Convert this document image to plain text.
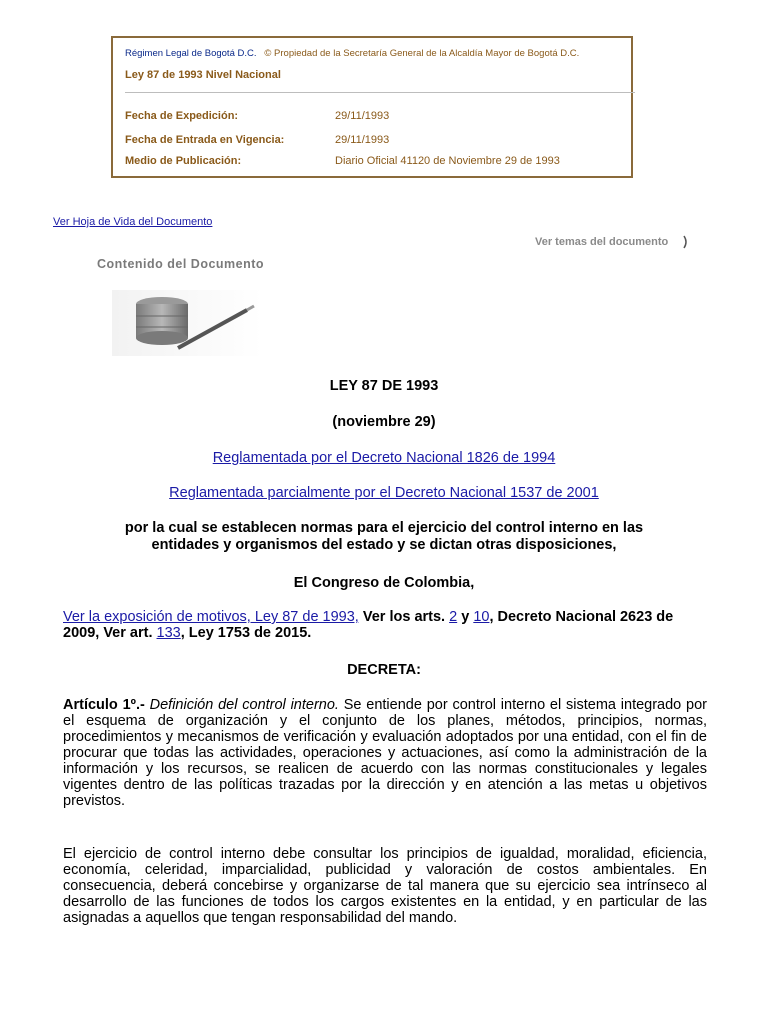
Régimen Legal de Bogotá D.C. © Propiedad de la Secretaría General de la Alcaldía Mayor de Bogotá D.C.
Ley 87 de 1993 Nivel Nacional
Fecha de Expedición:	29/11/1993
Fecha de Entrada en Vigencia:	29/11/1993
Medio de Publicación:	Diario Oficial 41120 de Noviembre 29 de 1993
Ver Hoja de Vida del Documento
Ver temas del documento
Contenido del Documento
LEY 87 DE 1993
(noviembre 29)
Reglamentada por el Decreto Nacional 1826 de 1994
Reglamentada parcialmente por el Decreto Nacional 1537 de 2001
por la cual se establecen normas para el ejercicio del control interno en las entidades y organismos del estado y se dictan otras disposiciones,
El Congreso de Colombia,
Ver la exposición de motivos, Ley 87 de 1993, Ver los arts. 2 y 10, Decreto Nacional 2623 de 2009, Ver art. 133, Ley 1753 de 2015.
DECRETA:
Artículo 1º.- Definición del control interno. Se entiende por control interno el sistema integrado por el esquema de organización y el conjunto de los planes, métodos, principios, normas, procedimientos y mecanismos de verificación y evaluación adoptados por una entidad, con el fin de procurar que todas las actividades, operaciones y actuaciones, así como la administración de la información y los recursos, se realicen de acuerdo con las normas constitucionales y legales vigentes dentro de las políticas trazadas por la dirección y en atención a las metas u objetivos previstos.
El ejercicio de control interno debe consultar los principios de igualdad, moralidad, eficiencia, economía, celeridad, imparcialidad, publicidad y valoración de costos ambientales. En consecuencia, deberá concebirse y organizarse de tal manera que su ejercicio sea intrínseco al desarrollo de las funciones de todos los cargos existentes en la entidad, y en particular de las asignadas a aquellos que tengan responsabilidad del mando.
